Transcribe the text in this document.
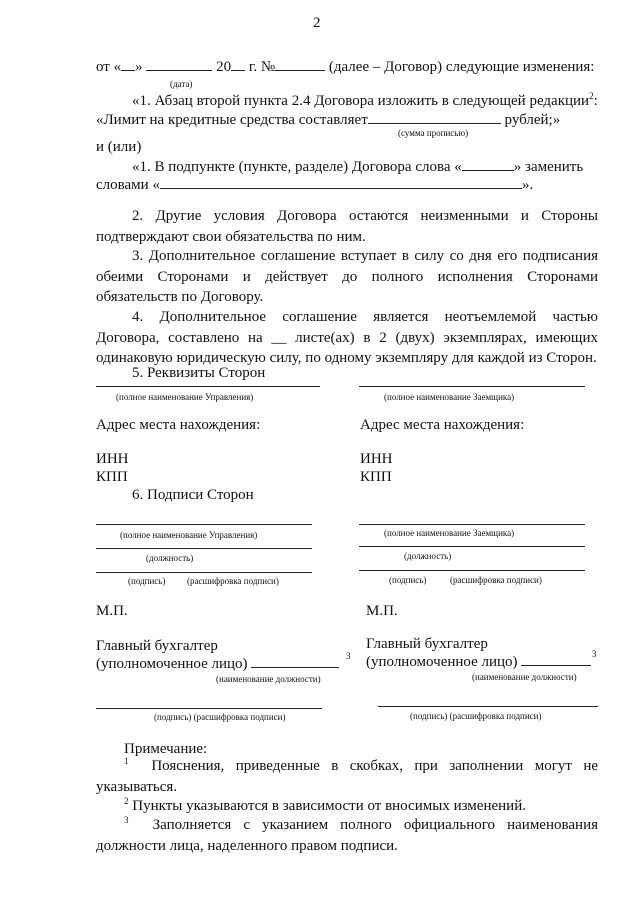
2
от « »	20 г. №	(далее – Договор) следующие изменения:
(дата)
«1. Абзац второй пункта 2.4 Договора изложить в следующей редакции$^2$:
«Лимит на кредитные средства составляет	рублей;»
(сумма прописью)
и (или)
«1. В подпункте (пункте, разделе) Договора слова «	» заменить
словами «	».
2. Другие условия Договора остаются неизменными и Стороны подтверждают свои обязательства по ним.
3. Дополнительное соглашение вступает в силу со дня его подписания обеими Сторонами и действует до полного исполнения Сторонами обязательств по Договору.
4. Дополнительное соглашение является неотъемлемой частью Договора, составлено на __ листе(ах) в 2 (двух) экземплярах, имеющих одинаковую юридическую силу, по одному экземпляру для каждой из Сторон.
5. Реквизиты Сторон
(полное наименование Управления)	(полное наименование Заемщика)
Адрес места нахождения:	Адрес места нахождения:
ИНН	ИНН
КПП	КПП
6. Подписи Сторон
(полное наименование Управления)	(полное наименование Заемщика)
(должность)	(должность)
(подпись) (расшифровка подписи)	(подпись)	(расшифровка подписи)
М.П.	М.П.
Главный бухгалтер	Главный бухгалтер
(уполномоченное лицо)	3 (уполномоченное лицо)	3
(наименование должности)	(наименование должности)
(подпись) (расшифровка подписи)	(подпись) (расшифровка подписи)
Примечание:
$^1$ Пояснения, приведенные в скобках, при заполнении могут не указываться.
$^2$ Пункты указываются в зависимости от вносимых изменений.
$^3$ Заполняется с указанием полного официального наименования должности лица, наделенного правом подписи.
